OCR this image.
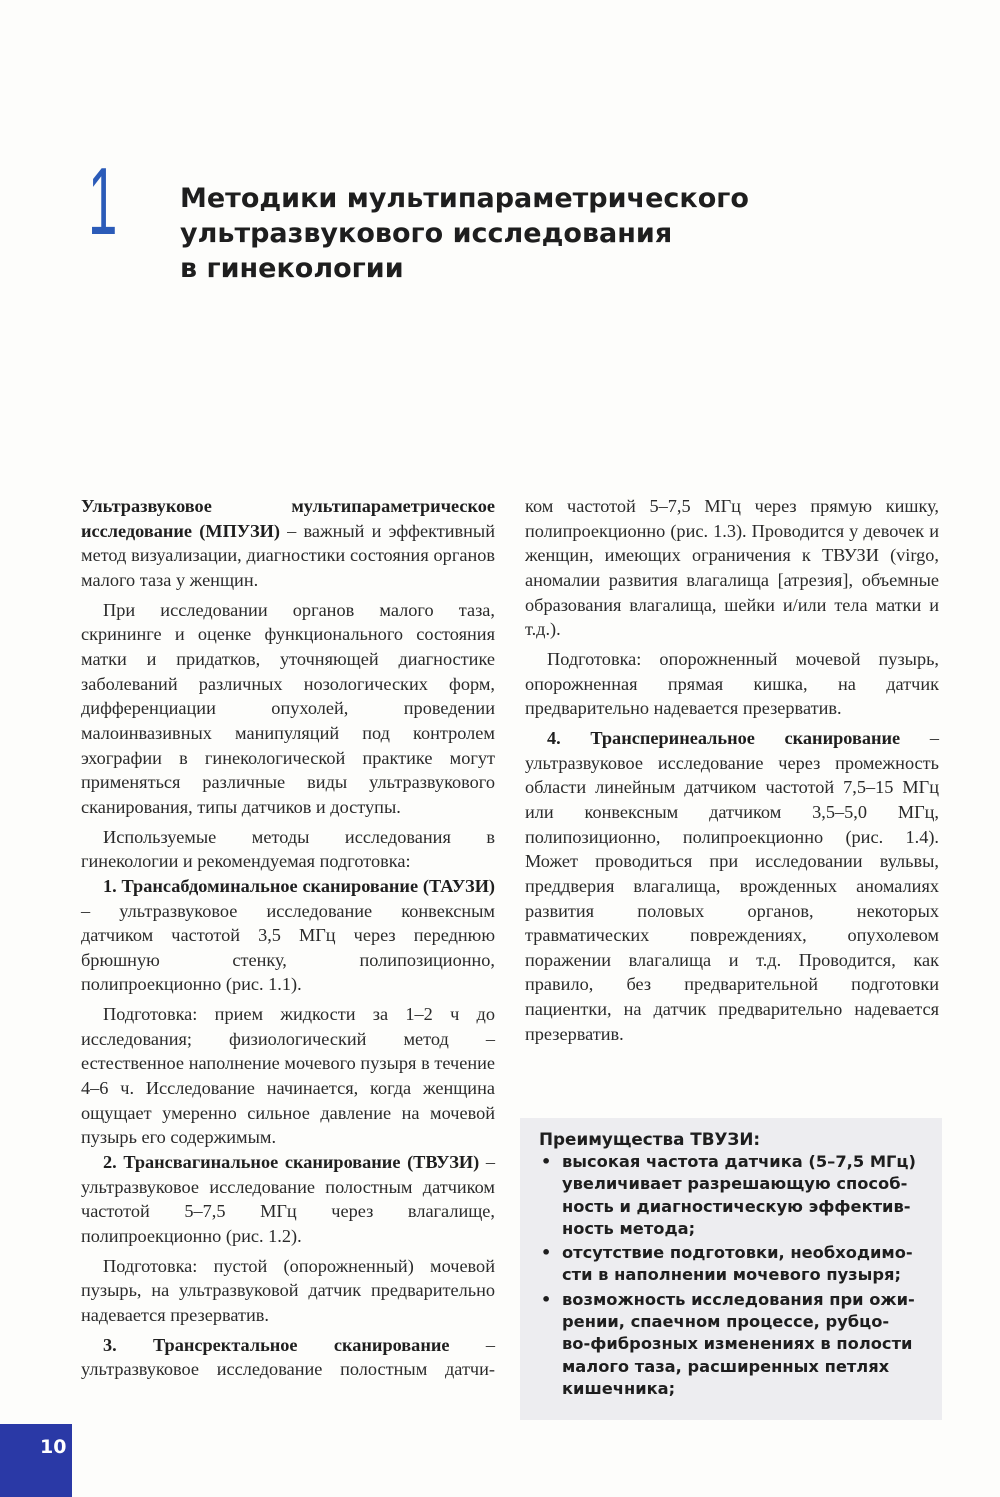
1 Методики мультипараметрического
ультразвукового исследования
в гинекологии

Ультразвуковое мультипараметрическое исследование (МПУЗИ) – важный и эффективный метод визуализации, диагностики состояния органов малого таза у женщин.

При исследовании органов малого таза, скрининге и оценке функционального состояния матки и придатков, уточняющей диагностике заболеваний различных нозологических форм, дифференциации опухолей, проведении малоинвазивных манипуляций под контролем эхографии в гинекологической практике могут применяться различные виды ультразвукового сканирования, типы датчиков и доступы.

Используемые методы исследования в гинекологии и рекомендуемая подготовка:

1. Трансабдоминальное сканирование (ТАУЗИ) – ультразвуковое исследование конвексным датчиком частотой 3,5 МГц через переднюю брюшную стенку, полипозиционно, полипроекционно (рис. 1.1).

Подготовка: прием жидкости за 1–2 ч до исследования; физиологический метод – естественное наполнение мочевого пузыря в течение 4–6 ч. Исследование начинается, когда женщина ощущает умеренно сильное давление на мочевой пузырь его содержимым.

2. Трансвагинальное сканирование (ТВУЗИ) – ультразвуковое исследование полостным датчиком частотой 5–7,5 МГц через влагалище, полипроекционно (рис. 1.2).

Подготовка: пустой (опорожненный) мочевой пузырь, на ультразвуковой датчик предварительно надевается презерватив.

3. Трансректальное сканирование – ультразвуковое исследование полостным датчи-

ком частотой 5–7,5 МГц через прямую кишку, полипроекционно (рис. 1.3). Проводится у девочек и женщин, имеющих ограничения к ТВУЗИ (virgo, аномалии развития влагалища [атрезия], объемные образования влагалища, шейки и/или тела матки и т.д.).

Подготовка: опорожненный мочевой пузырь, опорожненная прямая кишка, на датчик предварительно надевается презерватив.

4. Трансперинеальное сканирование – ультразвуковое исследование через промежность области линейным датчиком частотой 7,5–15 МГц или конвексным датчиком 3,5–5,0 МГц, полипозиционно, полипроекционно (рис. 1.4). Может проводиться при исследовании вульвы, преддверия влагалища, врожденных аномалиях развития половых органов, некоторых травматических повреждениях, опухолевом поражении влагалища и т.д. Проводится, как правило, без предварительной подготовки пациентки, на датчик предварительно надевается презерватив.

Преимущества ТВУЗИ:
• высокая частота датчика (5–7,5 МГц)
увеличивает разрешающую способ-
ность и диагностическую эффектив-
ность метода;
• отсутствие подготовки, необходимо-
сти в наполнении мочевого пузыря;
• возможность исследования при ожи-
рении, спаечном процессе, рубцо-
во-фиброзных изменениях в полости
малого таза, расширенных петлях
кишечника;
10
